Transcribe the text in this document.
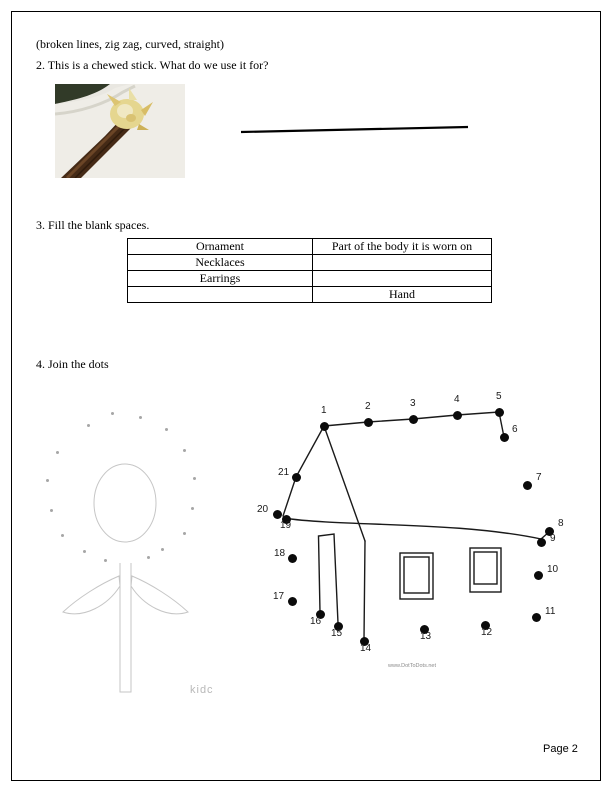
(broken lines, zig zag, curved, straight)
2. This is a chewed stick. What do we use it for?
3. Fill the blank spaces.
Ornament	Part of the body it is worn on
Necklaces	
Earrings	
	Hand
4. Join the dots
kidc
1	2	3	4	5
6
7
8
9
10
11
12
13
14
15
16
17
18
19
20
21
www.DotToDots.net
Page 2
